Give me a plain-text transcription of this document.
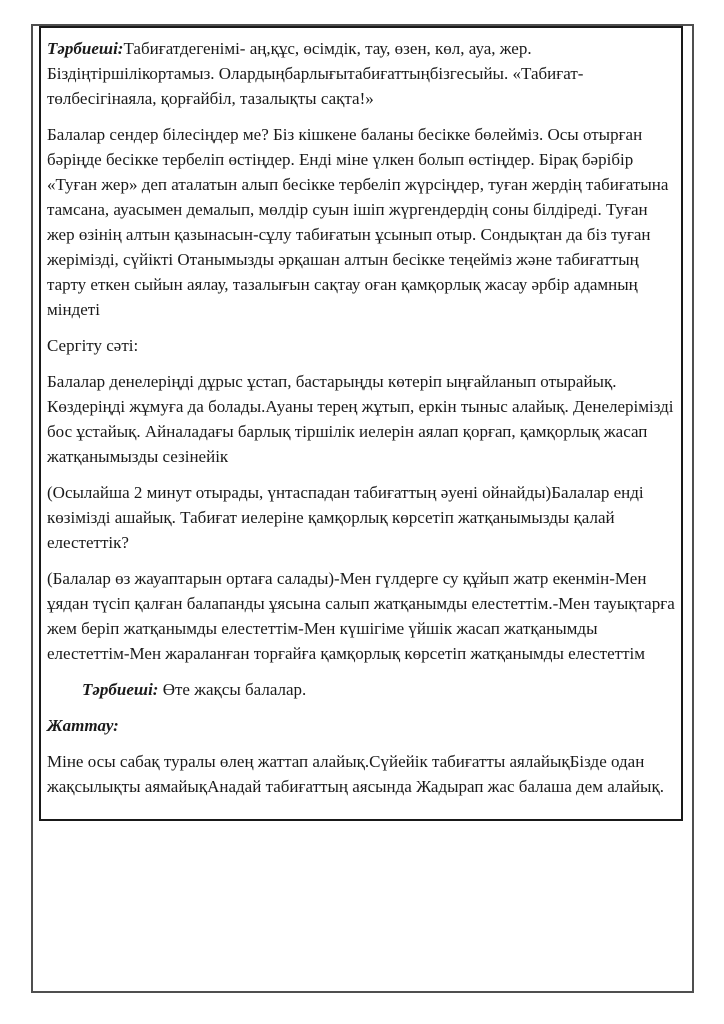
Тәрбиеші:Табиғатдегенімі- аң,құс, өсімдік, тау, өзен, көл, ауа, жер. Біздіңтіршілікортамыз. Олардыңбарлығытабиғаттыңбізгесыйы. «Табиғат-төлбесігінаяла, қорғайбіл, тазалықты сақта!»

Балалар сендер білесіңдер ме? Біз кішкене баланы бесікке бөлейміз. Осы отырған бәріңде бесікке тербеліп өстіңдер. Енді міне үлкен болып өстіңдер. Бірақ бәрібір «Туған жер» деп аталатын алып бесікке тербеліп жүрсіңдер, туған жердің табиғатына тамсана, ауасымен демалып, мөлдір суын ішіп жүргендердің соны білдіреді. Туған жер өзінің алтын қазынасын-сұлу табиғатын ұсынып отыр. Сондықтан да біз туған жерімізді, сүйікті Отанымызды әрқашан алтын бесікке теңейміз және табиғаттың тарту еткен сыйын аялау, тазалығын сақтау оған қамқорлық жасау әрбір адамның міндеті

Сергіту сәті:

Балалар денелеріңді дұрыс ұстап, бастарыңды көтеріп ыңғайланып отырайық. Көздеріңді жұмуға да болады.Ауаны терең жұтып, еркін тыныс алайық. Денелерімізді бос ұстайық. Айналадағы барлық тіршілік иелерін аялап қорғап, қамқорлық жасап жатқанымызды сезінейік

(Осылайша 2 минут отырады, үнтаспадан табиғаттың әуені ойнайды)Балалар енді көзімізді ашайық. Табиғат иелеріне қамқорлық көрсетіп жатқанымызды қалай елестеттік?

(Балалар өз жауаптарын ортаға салады)-Мен гүлдерге су құйып жатр екенмін-Мен ұядан түсіп қалған балапанды ұясына салып жатқанымды елестеттім.-Мен тауықтарға жем беріп жатқанымды елестеттім-Мен күшігіме үйшік жасап жатқанымды елестеттім-Мен жараланған торғайға қамқорлық көрсетіп жатқанымды елестеттім

Тәрбиеші: Өте жақсы балалар.

Жаттау:

Міне осы сабақ туралы өлең жаттап алайық.Сүйейік табиғатты аялайықБізде одан жақсылықты аямайықАнадай табиғаттың аясында Жадырап жас балаша дем алайық.
